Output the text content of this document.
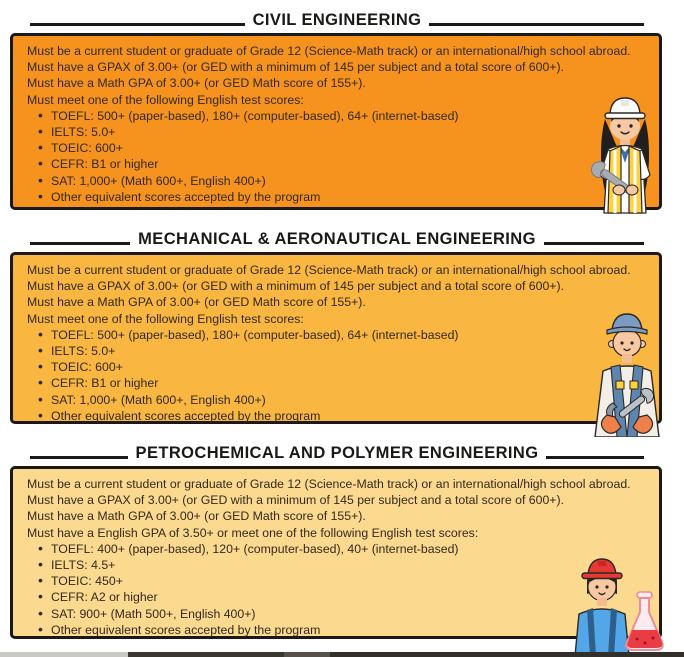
CIVIL ENGINEERING

Must be a current student or graduate of Grade 12 (Science-Math track) or an international/high school abroad.

Must have a GPAX of 3.00+ (or GED with a minimum of 145 per subject and a total score of 600+).

Must have a Math GPA of 3.00+ (or GED Math score of 155+).

Must meet one of the following English test scores:

• TOEFL: 500+ (paper-based), 180+ (computer-based), 64+ (internet-based)
• IELTS: 5.0+
• TOEIC: 600+
• CEFR: B1 or higher
• SAT: 1,000+ (Math 600+, English 400+)
• Other equivalent scores accepted by the program
MECHANICAL & AERONAUTICAL ENGINEERING

Must be a current student or graduate of Grade 12 (Science-Math track) or an international/high school abroad.

Must have a GPAX of 3.00+ (or GED with a minimum of 145 per subject and a total score of 600+).

Must have a Math GPA of 3.00+ (or GED Math score of 155+).

Must meet one of the following English test scores:

• TOEFL: 500+ (paper-based), 180+ (computer-based), 64+ (internet-based)
• IELTS: 5.0+
• TOEIC: 600+
• CEFR: B1 or higher
• SAT: 1,000+ (Math 600+, English 400+)
• Other equivalent scores accepted by the program
PETROCHEMICAL AND POLYMER ENGINEERING

Must be a current student or graduate of Grade 12 (Science-Math track) or an international/high school abroad.

Must have a GPAX of 3.00+ (or GED with a minimum of 145 per subject and a total score of 600+).

Must have a Math GPA of 3.00+ (or GED Math score of 155+).

Must have a English GPA of 3.50+ or meet one of the following English test scores:

• TOEFL: 400+ (paper-based), 120+ (computer-based), 40+ (internet-based)
• IELTS: 4.5+
• TOEIC: 450+
• CEFR: A2 or higher
• SAT: 900+ (Math 500+, English 400+)
• Other equivalent scores accepted by the program
